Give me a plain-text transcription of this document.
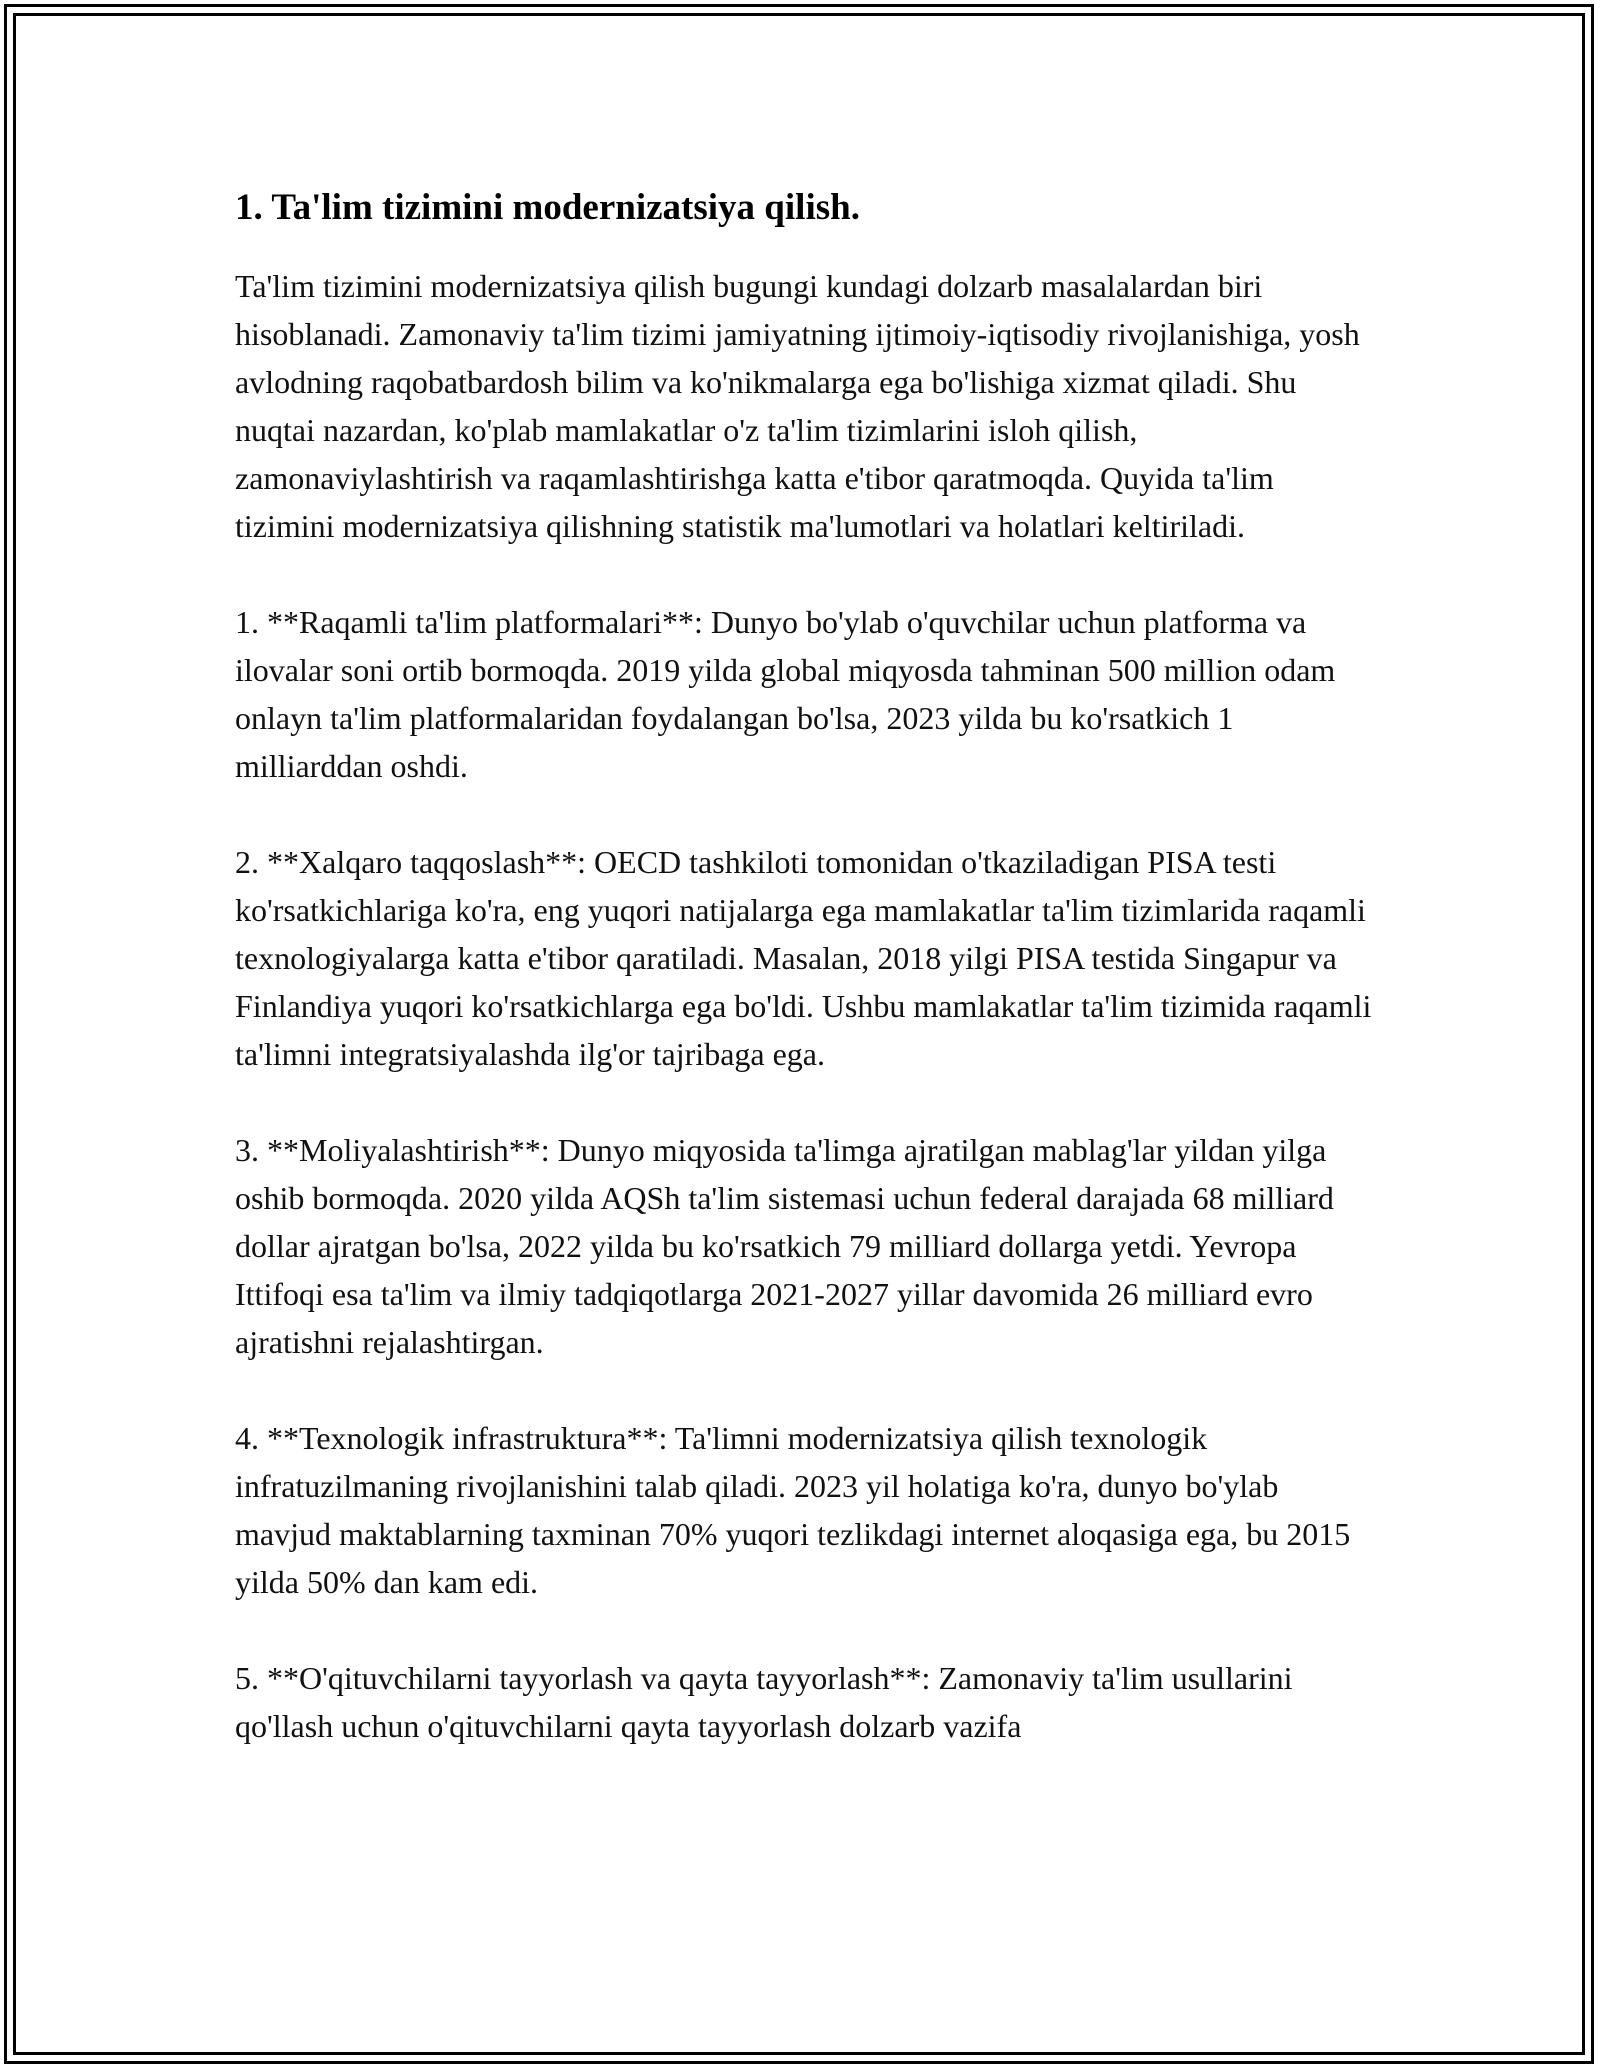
1. Ta'lim tizimini modernizatsiya qilish.

Ta'lim tizimini modernizatsiya qilish bugungi kundagi dolzarb masalalardan biri hisoblanadi. Zamonaviy ta'lim tizimi jamiyatning ijtimoiy-iqtisodiy rivojlanishiga, yosh avlodning raqobatbardosh bilim va ko'nikmalarga ega bo'lishiga xizmat qiladi. Shu nuqtai nazardan, ko'plab mamlakatlar o'z ta'lim tizimlarini isloh qilish, zamonaviylashtirish va raqamlashtirishga katta e'tibor qaratmoqda. Quyida ta'lim tizimini modernizatsiya qilishning statistik ma'lumotlari va holatlari keltiriladi.

1. **Raqamli ta'lim platformalari**: Dunyo bo'ylab o'quvchilar uchun platforma va ilovalar soni ortib bormoqda. 2019 yilda global miqyosda tahminan 500 million odam onlayn ta'lim platformalaridan foydalangan bo'lsa, 2023 yilda bu ko'rsatkich 1 milliarddan oshdi.

2. **Xalqaro taqqoslash**: OECD tashkiloti tomonidan o'tkaziladigan PISA testi ko'rsatkichlariga ko'ra, eng yuqori natijalarga ega mamlakatlar ta'lim tizimlarida raqamli texnologiyalarga katta e'tibor qaratiladi. Masalan, 2018 yilgi PISA testida Singapur va Finlandiya yuqori ko'rsatkichlarga ega bo'ldi. Ushbu mamlakatlar ta'lim tizimida raqamli ta'limni integratsiyalashda ilg'or tajribaga ega.

3. **Moliyalashtirish**: Dunyo miqyosida ta'limga ajratilgan mablag'lar yildan yilga oshib bormoqda. 2020 yilda AQSh ta'lim sistemasi uchun federal darajada 68 milliard dollar ajratgan bo'lsa, 2022 yilda bu ko'rsatkich 79 milliard dollarga yetdi. Yevropa Ittifoqi esa ta'lim va ilmiy tadqiqotlarga 2021-2027 yillar davomida 26 milliard evro ajratishni rejalashtirgan.

4. **Texnologik infrastruktura**: Ta'limni modernizatsiya qilish texnologik infratuzilmaning rivojlanishini talab qiladi. 2023 yil holatiga ko'ra, dunyo bo'ylab mavjud maktablarning taxminan 70% yuqori tezlikdagi internet aloqasiga ega, bu 2015 yilda 50% dan kam edi.

5. **O'qituvchilarni tayyorlash va qayta tayyorlash**: Zamonaviy ta'lim usullarini qo'llash uchun o'qituvchilarni qayta tayyorlash dolzarb vazifa
